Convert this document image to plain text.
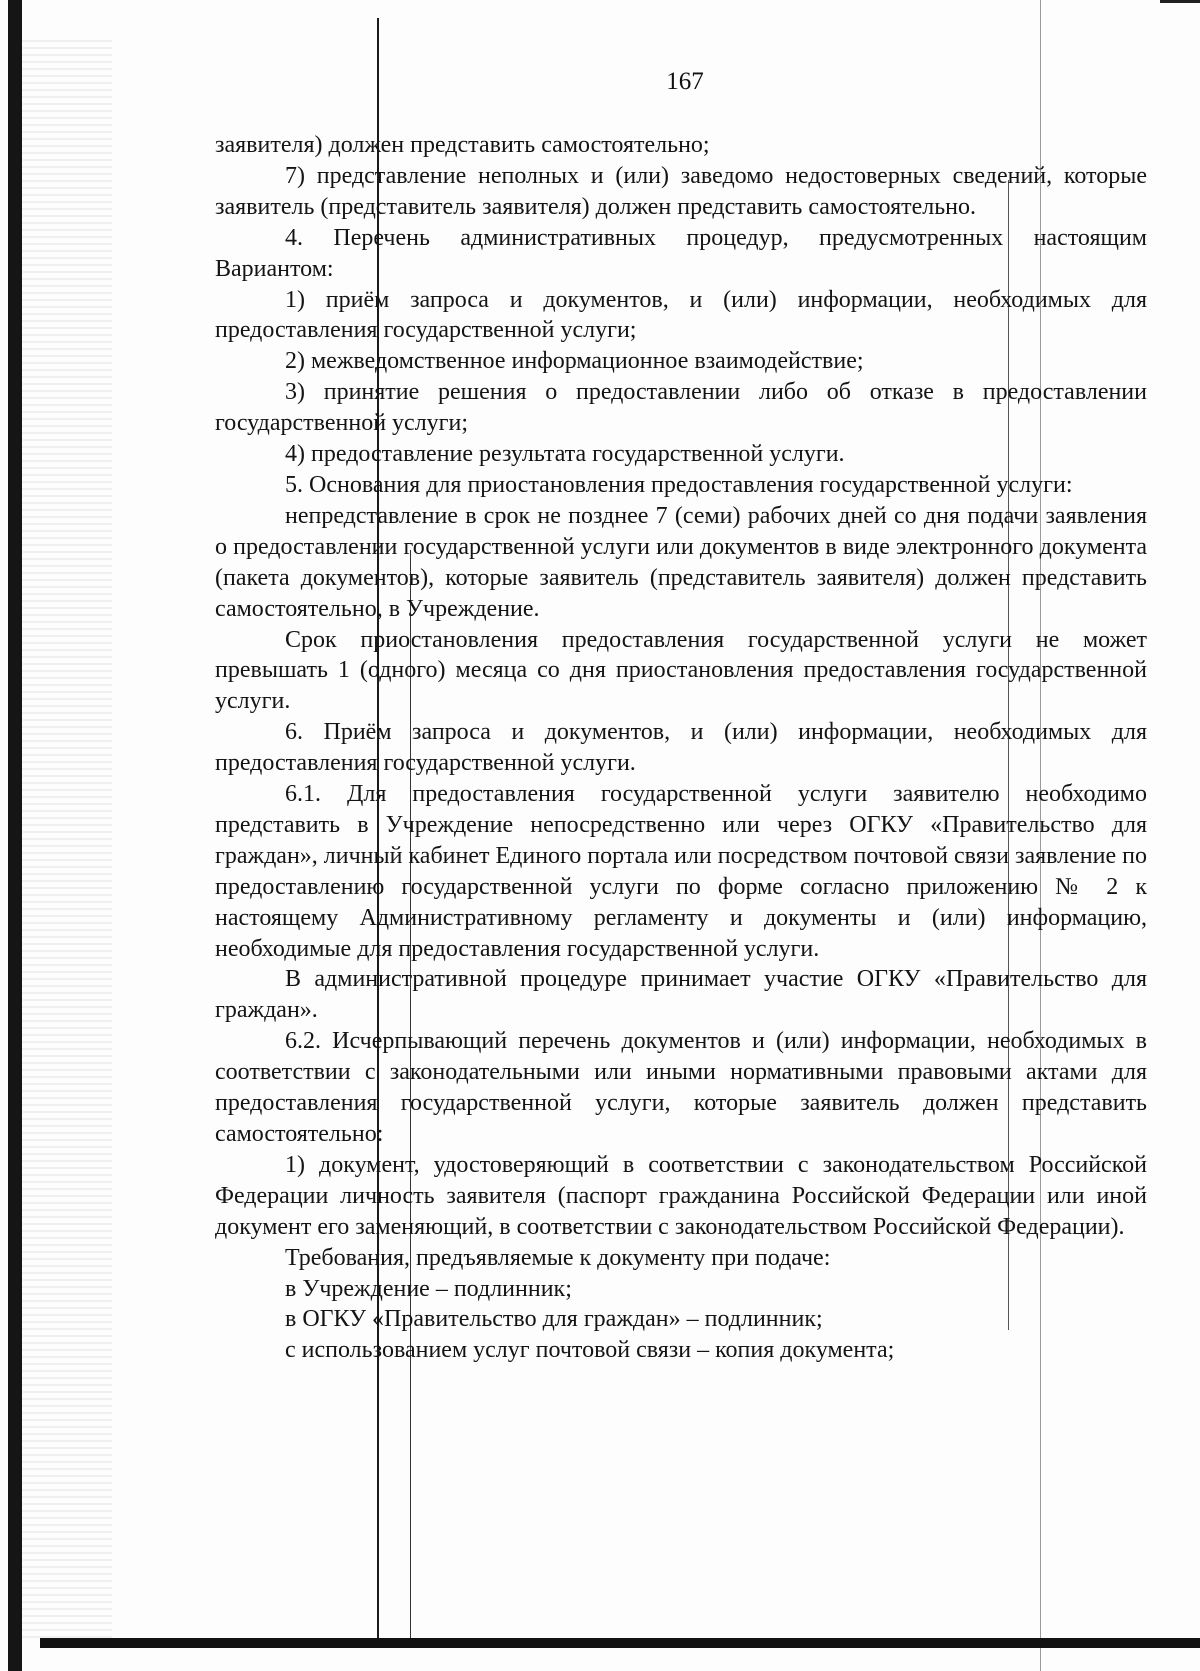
167

заявителя) должен представить самостоятельно;

7) представление неполных и (или) заведомо недостоверных сведений, которые заявитель (представитель заявителя) должен представить самостоятельно.

4. Перечень административных процедур, предусмотренных настоящим Вариантом:

1) приём запроса и документов, и (или) информации, необходимых для предоставления государственной услуги;

2) межведомственное информационное взаимодействие;

3) принятие решения о предоставлении либо об отказе в предоставлении государственной услуги;

4) предоставление результата государственной услуги.

5. Основания для приостановления предоставления государственной услуги:

непредставление в срок не позднее 7 (семи) рабочих дней со дня подачи заявления о предоставлении государственной услуги или документов в виде электронного документа (пакета документов), которые заявитель (представитель заявителя) должен представить самостоятельно, в Учреждение.

Срок приостановления предоставления государственной услуги не может превышать 1 (одного) месяца со дня приостановления предоставления государственной услуги.

6. Приём запроса и документов, и (или) информации, необходимых для предоставления государственной услуги.

6.1. Для предоставления государственной услуги заявителю необходимо представить в Учреждение непосредственно или через ОГКУ «Правительство для граждан», личный кабинет Единого портала или посредством почтовой связи заявление по предоставлению государственной услуги по форме согласно приложению № 2 к настоящему Административному регламенту и документы и (или) информацию, необходимые для предоставления государственной услуги.

В административной процедуре принимает участие ОГКУ «Правительство для граждан».

6.2. Исчерпывающий перечень документов и (или) информации, необходимых в соответствии с законодательными или иными нормативными правовыми актами для предоставления государственной услуги, которые заявитель должен представить самостоятельно:

1) документ, удостоверяющий в соответствии с законодательством Российской Федерации личность заявителя (паспорт гражданина Российской Федерации или иной документ его заменяющий, в соответствии с законодательством Российской Федерации).

Требования, предъявляемые к документу при подаче:

в Учреждение – подлинник;

в ОГКУ «Правительство для граждан» – подлинник;

с использованием услуг почтовой связи – копия документа;
